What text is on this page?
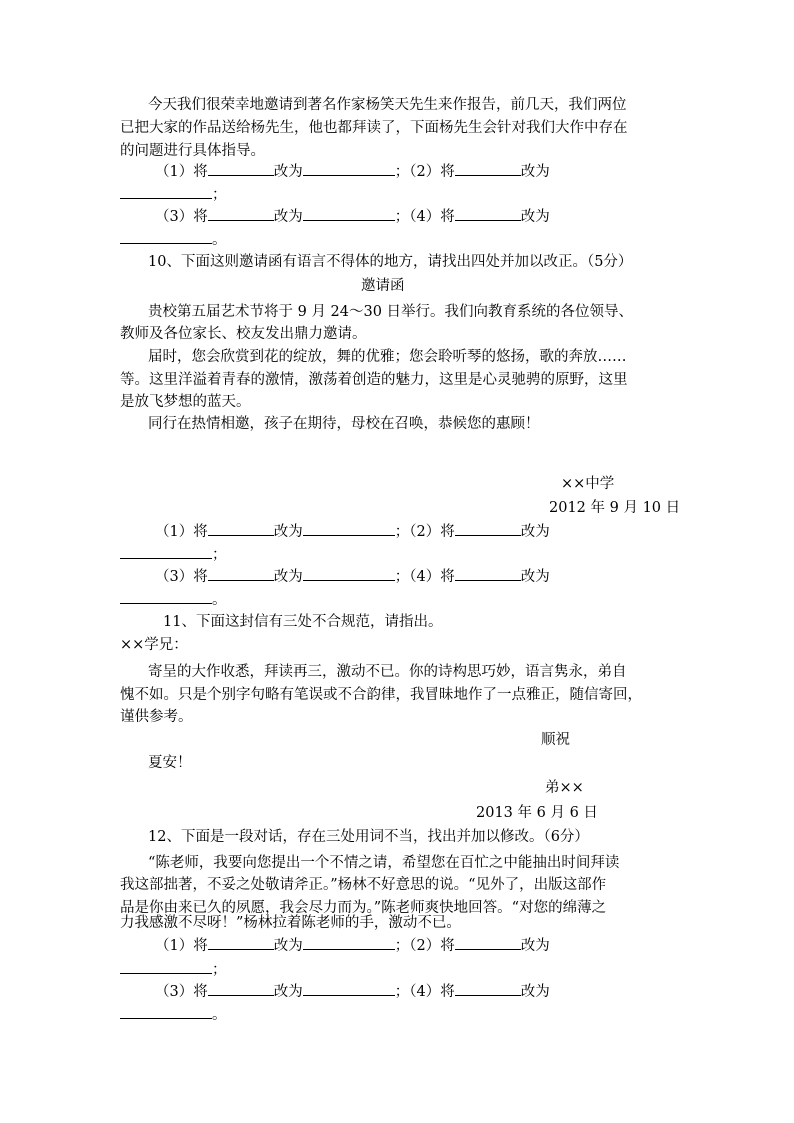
今天我们很荣幸地邀请到著名作家杨笑天先生来作报告，前几天，我们两位
已把大家的作品送给杨先生，他也都拜读了，下面杨先生会针对我们大作中存在
的问题进行具体指导。
（1）将	改为	；（2）将	改为
；
（3）将	改为	；（4）将	改为
。
10、下面这则邀请函有语言不得体的地方，请找出四处并加以改正。（5分）
邀请函
贵校第五届艺术节将于 9 月 24～30 日举行。我们向教育系统的各位领导、
教师及各位家长、校友发出鼎力邀请。
届时，您会欣赏到花的绽放，舞的优雅；您会聆听琴的悠扬，歌的奔放……
等。这里洋溢着青春的激情，激荡着创造的魅力，这里是心灵驰骋的原野，这里
是放飞梦想的蓝天。
同行在热情相邀，孩子在期待，母校在召唤，恭候您的惠顾！
××中学
2012 年 9 月 10 日
（1）将	改为	；（2）将	改为
；
（3）将	改为	；（4）将	改为
。
11、下面这封信有三处不合规范，请指出。
××学兄：
寄呈的大作收悉，拜读再三，激动不已。你的诗构思巧妙，语言隽永，弟自
愧不如。只是个别字句略有笔误或不合韵律，我冒昧地作了一点雅正，随信寄回，
谨供参考。
顺祝
夏安！
弟××
2013 年 6 月 6 日
12、下面是一段对话，存在三处用词不当，找出并加以修改。（6分）
“陈老师，我要向您提出一个不情之请，希望您在百忙之中能抽出时间拜读
我这部拙著，不妥之处敬请斧正。”杨林不好意思的说。“见外了，出版这部作
品是你由来已久的夙愿，我会尽力而为。”陈老师爽快地回答。“对您的绵薄之
力我感激不尽呀！”杨林拉着陈老师的手，激动不已。
（1）将	改为	；（2）将	改为
；
（3）将	改为	；（4）将	改为
。
